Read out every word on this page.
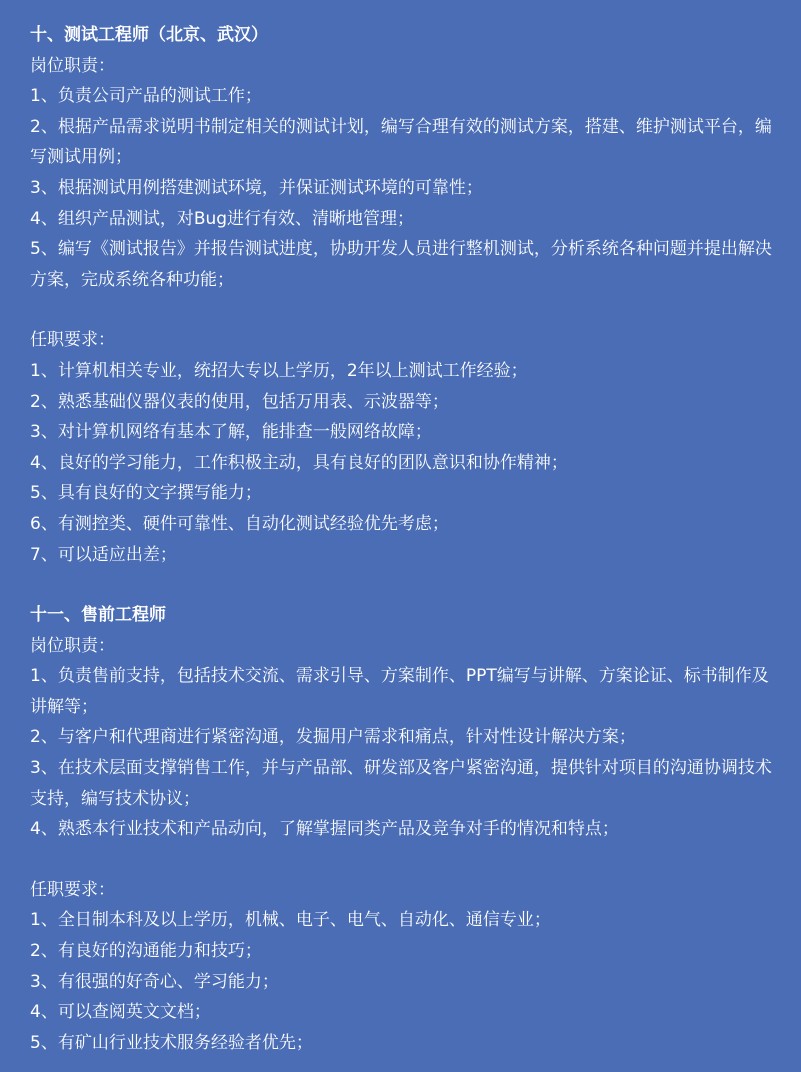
十、测试工程师（北京、武汉）
岗位职责：
1、负责公司产品的测试工作；
2、根据产品需求说明书制定相关的测试计划，编写合理有效的测试方案，搭建、维护测试平台，编写测试用例；
3、根据测试用例搭建测试环境，并保证测试环境的可靠性；
4、组织产品测试，对Bug进行有效、清晰地管理；
5、编写《测试报告》并报告测试进度，协助开发人员进行整机测试，分析系统各种问题并提出解决方案，完成系统各种功能；
任职要求：
1、计算机相关专业，统招大专以上学历，2年以上测试工作经验；
2、熟悉基础仪器仪表的使用，包括万用表、示波器等；
3、对计算机网络有基本了解，能排查一般网络故障；
4、良好的学习能力，工作积极主动，具有良好的团队意识和协作精神；
5、具有良好的文字撰写能力；
6、有测控类、硬件可靠性、自动化测试经验优先考虑；
7、可以适应出差；
十一、售前工程师
岗位职责：
1、负责售前支持，包括技术交流、需求引导、方案制作、PPT编写与讲解、方案论证、标书制作及讲解等；
2、与客户和代理商进行紧密沟通，发掘用户需求和痛点，针对性设计解决方案；
3、在技术层面支撑销售工作，并与产品部、研发部及客户紧密沟通，提供针对项目的沟通协调技术支持，编写技术协议；
4、熟悉本行业技术和产品动向，了解掌握同类产品及竞争对手的情况和特点；
任职要求：
1、全日制本科及以上学历，机械、电子、电气、自动化、通信专业；
2、有良好的沟通能力和技巧；
3、有很强的好奇心、学习能力；
4、可以查阅英文文档；
5、有矿山行业技术服务经验者优先；
